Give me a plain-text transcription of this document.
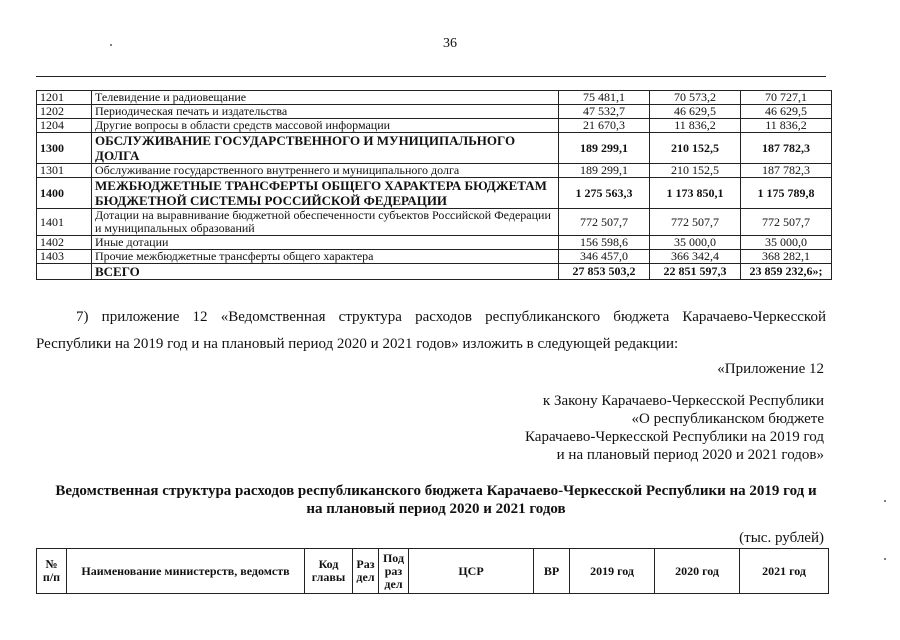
36
1201	Телевидение и радиовещание	75 481,1	70 573,2	70 727,1
1202	Периодическая печать и издательства	47 532,7	46 629,5	46 629,5
1204	Другие вопросы в области средств массовой информации	21 670,3	11 836,2	11 836,2
1300	ОБСЛУЖИВАНИЕ ГОСУДАРСТВЕННОГО И МУНИЦИПАЛЬНОГО ДОЛГА	189 299,1	210 152,5	187 782,3
1301	Обслуживание государственного внутреннего и муниципального долга	189 299,1	210 152,5	187 782,3
1400	МЕЖБЮДЖЕТНЫЕ ТРАНСФЕРТЫ ОБЩЕГО ХАРАКТЕРА БЮДЖЕТАМ БЮДЖЕТНОЙ СИСТЕМЫ РОССИЙСКОЙ ФЕДЕРАЦИИ	1 275 563,3	1 173 850,1	1 175 789,8
1401	Дотации на выравнивание бюджетной обеспеченности субъектов Российской Федерации и муниципальных образований	772 507,7	772 507,7	772 507,7
1402	Иные дотации	156 598,6	35 000,0	35 000,0
1403	Прочие межбюджетные трансферты общего характера	346 457,0	366 342,4	368 282,1
	ВСЕГО	27 853 503,2	22 851 597,3	23 859 232,6»;
7) приложение 12 «Ведомственная структура расходов республиканского бюджета Карачаево-Черкесской
Республики на 2019 год и на плановый период 2020 и 2021 годов» изложить в следующей редакции:
«Приложение 12
к Закону Карачаево-Черкесской Республики
«О республиканском бюджете
Карачаево-Черкесской Республики на 2019 год
и на плановый период 2020 и 2021 годов»
Ведомственная структура расходов республиканского бюджета Карачаево-Черкесской Республики на 2019 год и
на плановый период 2020 и 2021 годов
(тыс. рублей)
№ п/п	Наименование министерств, ведомств	Код главы	Раз дел	Под раз дел	ЦСР	ВР	2019 год	2020 год	2021 год
